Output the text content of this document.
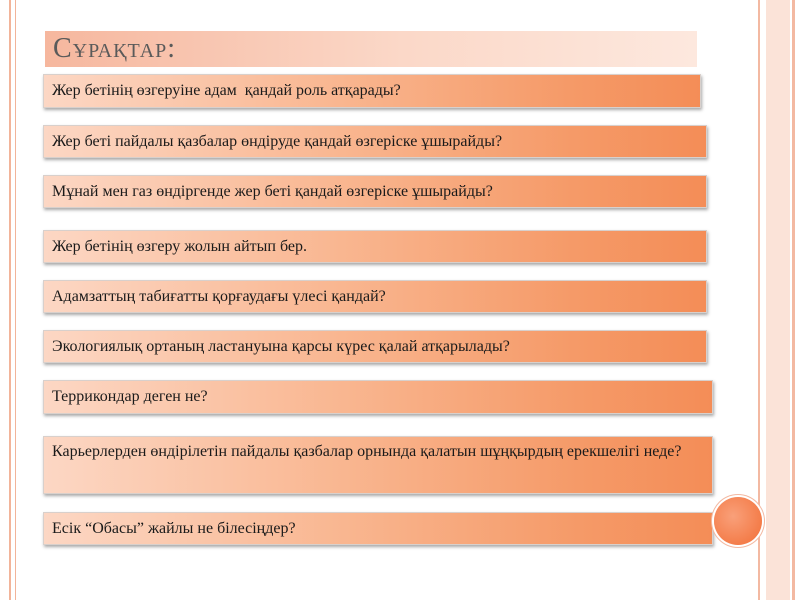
Сұрақтар:
Жер бетінің өзгеруіне адам  қандай роль атқарады?
Жер беті пайдалы қазбалар өндіруде қандай өзгеріске ұшырайды?
Мұнай мен газ өндіргенде жер беті қандай өзгеріске ұшырайды?
Жер бетінің өзгеру жолын айтып бер.
Адамзаттың табиғатты қорғаудағы үлесі қандай?
Экологиялық ортаның ластануына қарсы күрес қалай атқарылады?
Террикондар деген не?
Карьерлерден өндірілетін пайдалы қазбалар орнында қалатын шұңқырдың ерекшелігі неде?
Есік “Обасы” жайлы не білесіңдер?
